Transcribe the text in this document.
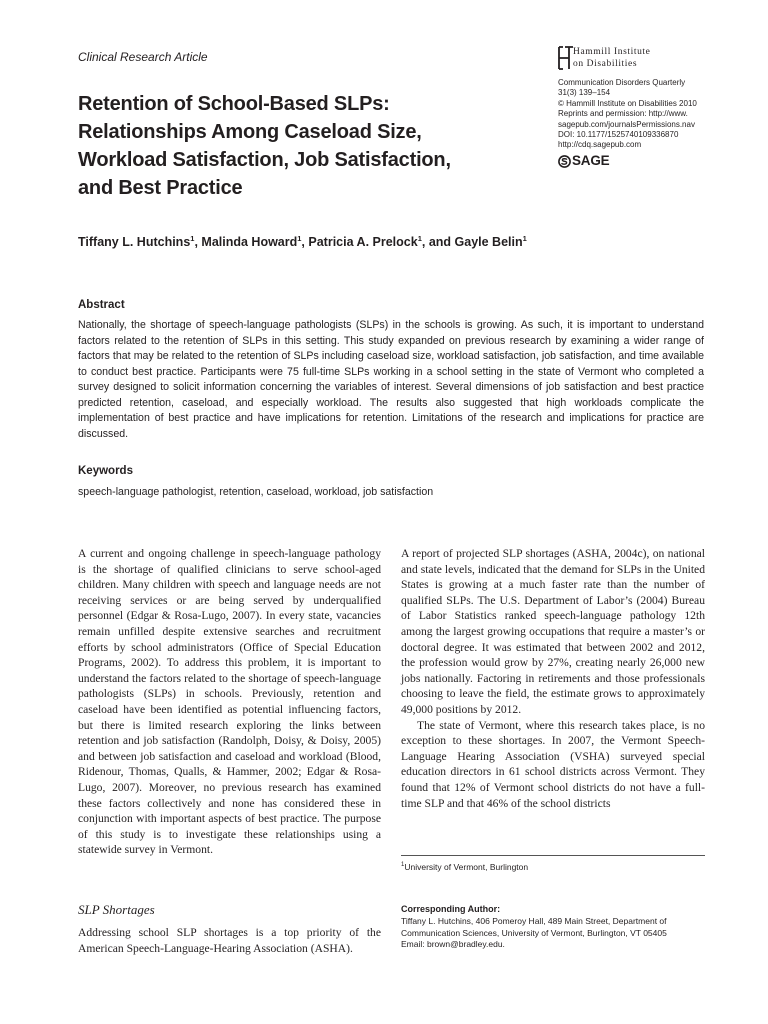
Clinical Research Article	Hammill Institute
on Disabilities
Communication Disorders Quarterly
31(3) 139–154
© Hammill Institute on Disabilities 2010
Reprints and permission: http://www.
sagepub.com/journalsPermissions.nav
DOI: 10.1177/1525740109336870
http://cdq.sagepub.com
SAGE
Retention of School-Based SLPs:
Relationships Among Caseload Size,
Workload Satisfaction, Job Satisfaction,
and Best Practice
Tiffany L. Hutchins$^1$, Malinda Howard$^1$, Patricia A. Prelock$^1$, and Gayle Belin$^1$
Abstract
Nationally, the shortage of speech-language pathologists (SLPs) in the schools is growing. As such, it is important to understand factors related to the retention of SLPs in this setting. This study expanded on previous research by examining a wider range of factors that may be related to the retention of SLPs including caseload size, workload satisfaction, job satisfaction, and time available to conduct best practice. Participants were 75 full-time SLPs working in a school setting in the state of Vermont who completed a survey designed to solicit information concerning the variables of interest. Several dimensions of job satisfaction and best practice predicted retention, caseload, and especially workload. The results also suggested that high workloads complicate the implementation of best practice and have implications for retention. Limitations of the research and implications for practice are discussed.
Keywords
speech-language pathologist, retention, caseload, workload, job satisfaction

A current and ongoing challenge in speech-language pathology is the shortage of qualified clinicians to serve school-aged children. Many children with speech and language needs are not receiving services or are being served by underqualified personnel (Edgar & Rosa-Lugo, 2007). In every state, vacancies remain unfilled despite extensive searches and recruitment efforts by school administrators (Office of Special Education Programs, 2002). To address this problem, it is important to understand the factors related to the shortage of speech-language pathologists (SLPs) in schools. Previously, retention and caseload have been identified as potential influencing factors, but there is limited research exploring the links between retention and job satisfaction (Randolph, Doisy, & Doisy, 2005) and between job satisfaction and caseload and workload (Blood, Ridenour, Thomas, Qualls, & Hammer, 2002; Edgar & Rosa-Lugo, 2007). Moreover, no previous research has examined these factors collectively and none has considered these in conjunction with important aspects of best practice. The purpose of this study is to investigate these relationships using a statewide survey in Vermont.

SLP Shortages

Addressing school SLP shortages is a top priority of the American Speech-Language-Hearing Association (ASHA).

A report of projected SLP shortages (ASHA, 2004c), on national and state levels, indicated that the demand for SLPs in the United States is growing at a much faster rate than the number of qualified SLPs. The U.S. Department of Labor’s (2004) Bureau of Labor Statistics ranked speech-language pathology 12th among the largest growing occupations that require a master’s or doctoral degree. It was estimated that between 2002 and 2012, the profession would grow by 27%, creating nearly 26,000 new jobs nationally. Factoring in retirements and those professionals choosing to leave the field, the estimate grows to approximately 49,000 positions by 2012.

The state of Vermont, where this research takes place, is no exception to these shortages. In 2007, the Vermont Speech-Language Hearing Association (VSHA) surveyed special education directors in 61 school districts across Vermont. They found that 12% of Vermont school districts do not have a full-time SLP and that 46% of the school districts

$^1$University of Vermont, Burlington
Corresponding Author:
Tiffany L. Hutchins, 406 Pomeroy Hall, 489 Main Street, Department of
Communication Sciences, University of Vermont, Burlington, VT 05405
Email: brown@bradley.edu.
